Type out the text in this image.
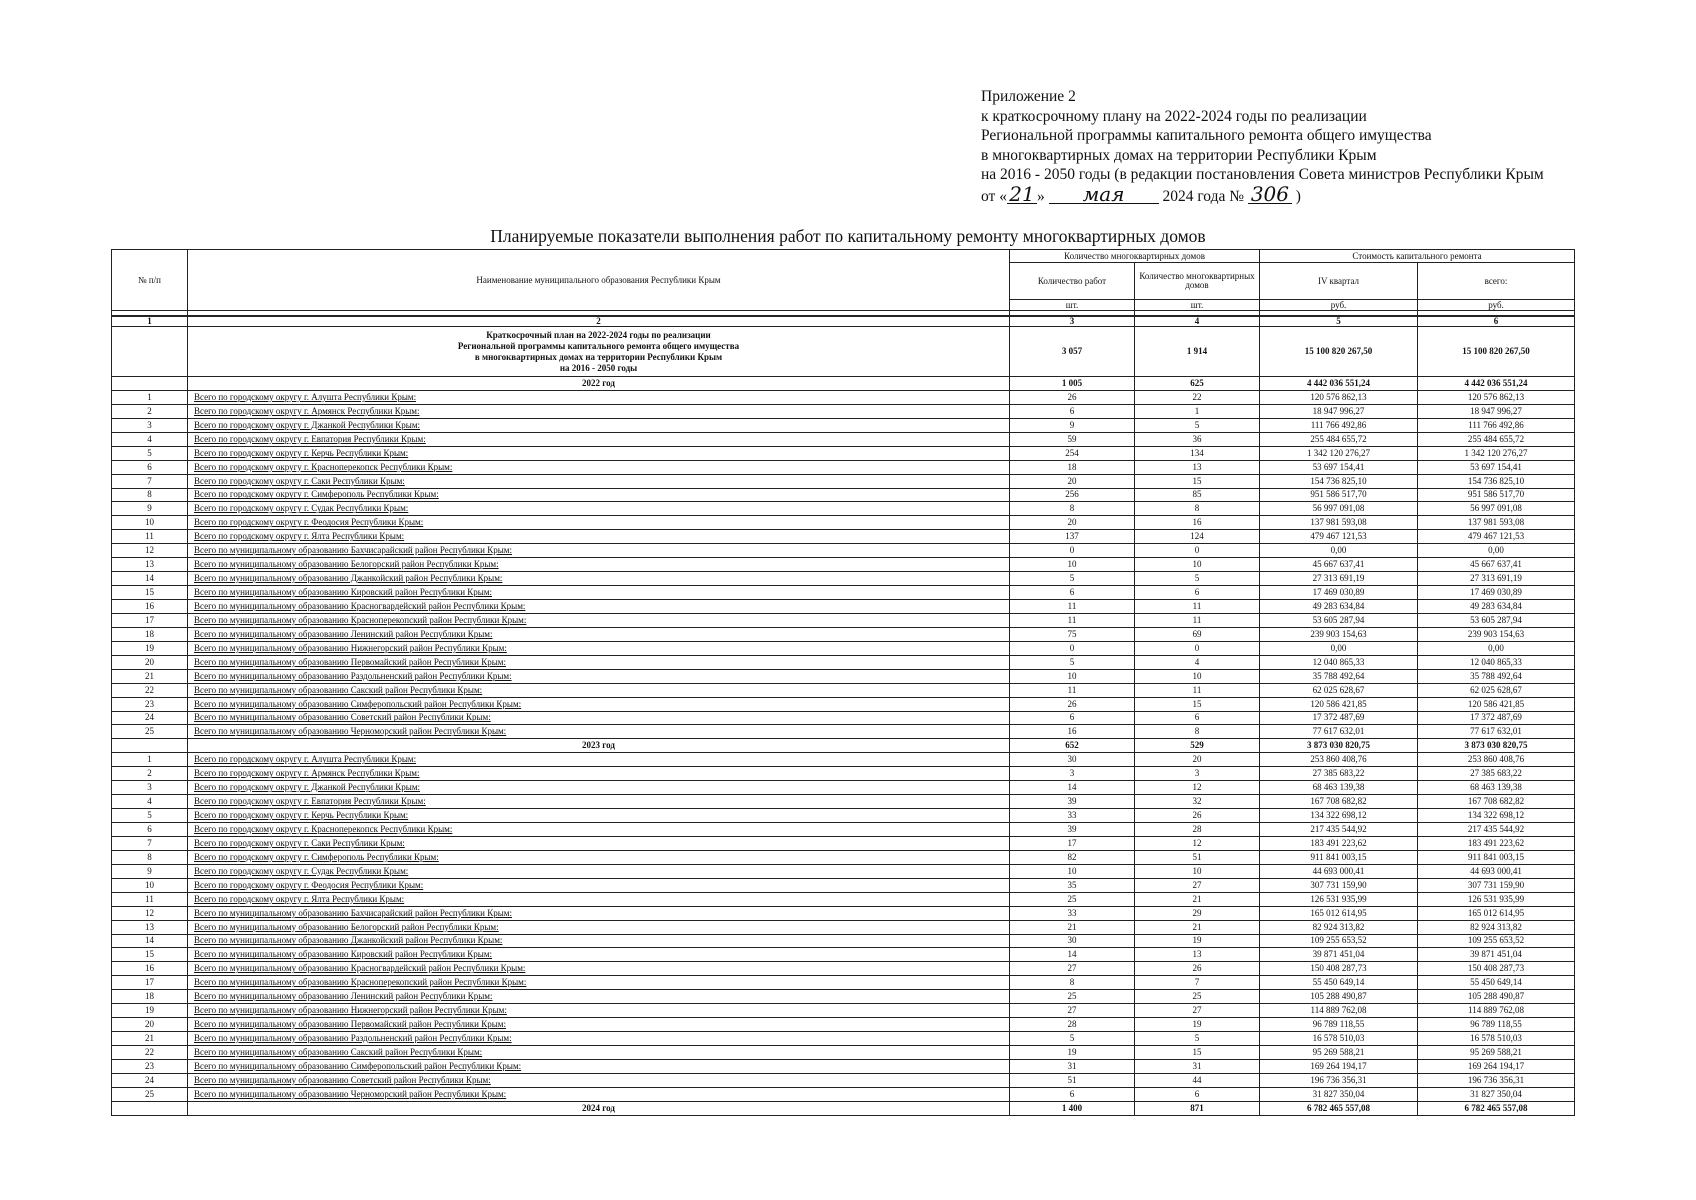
Приложение 2
к краткосрочному плану на 2022-2024 годы по реализации
Региональной программы капитального ремонта общего имущества
в многоквартирных домах на территории Республики Крым
на 2016 - 2050 годы (в редакции постановления Совета министров Республики Крым
от « 21 » мая 2024 года № 306 )
Планируемые показатели выполнения работ по капитальному ремонту многоквартирных домов
№ п/п	Наименование муниципального образования Республики Крым	Количество многоквартирных домов		Стоимость капитального ремонта	
		Количество работ	Количество многоквартирных домов	IV квартал	всего:
		шт.	шт.	руб.	руб.

1	2	3	4	5	6

	Краткосрочный план на 2022-2024 годы по реализации
Региональной программы капитального ремонта общего имущества
в многоквартирных домах на территории Республики Крым
на 2016 - 2050 годы	3 057	1 914	15 100 820 267,50	15 100 820 267,50
	2022 год	1 005	625	4 442 036 551,24	4 442 036 551,24
1	Всего по городскому округу г. Алушта Республики Крым:	26	22	120 576 862,13	120 576 862,13
2	Всего по городскому округу г. Армянск Республики Крым:	6	1	18 947 996,27	18 947 996,27
3	Всего по городскому округу г. Джанкой Республики Крым:	9	5	111 766 492,86	111 766 492,86
4	Всего по городскому округу г. Евпатория Республики Крым:	59	36	255 484 655,72	255 484 655,72
5	Всего по городскому округу г. Керчь Республики Крым:	254	134	1 342 120 276,27	1 342 120 276,27
6	Всего по городскому округу г. Красноперекопск Республики Крым:	18	13	53 697 154,41	53 697 154,41
7	Всего по городскому округу г. Саки Республики Крым:	20	15	154 736 825,10	154 736 825,10
8	Всего по городскому округу г. Симферополь Республики Крым:	256	85	951 586 517,70	951 586 517,70
9	Всего по городскому округу г. Судак Республики Крым:	8	8	56 997 091,08	56 997 091,08
10	Всего по городскому округу г. Феодосия Республики Крым:	20	16	137 981 593,08	137 981 593,08
11	Всего по городскому округу г. Ялта Республики Крым:	137	124	479 467 121,53	479 467 121,53
12	Всего по муниципальному образованию Бахчисарайский район Республики Крым:	0	0	0,00	0,00
13	Всего по муниципальному образованию Белогорский район Республики Крым:	10	10	45 667 637,41	45 667 637,41
14	Всего по муниципальному образованию Джанкойский район Республики Крым:	5	5	27 313 691,19	27 313 691,19
15	Всего по муниципальному образованию Кировский район Республики Крым:	6	6	17 469 030,89	17 469 030,89
16	Всего по муниципальному образованию Красногвардейский район Республики Крым:	11	11	49 283 634,84	49 283 634,84
17	Всего по муниципальному образованию Красноперекопский район Республики Крым:	11	11	53 605 287,94	53 605 287,94
18	Всего по муниципальному образованию Ленинский район Республики Крым:	75	69	239 903 154,63	239 903 154,63
19	Всего по муниципальному образованию Нижнегорский район Республики Крым:	0	0	0,00	0,00
20	Всего по муниципальному образованию Первомайский район Республики Крым:	5	4	12 040 865,33	12 040 865,33
21	Всего по муниципальному образованию Раздольненский район Республики Крым:	10	10	35 788 492,64	35 788 492,64
22	Всего по муниципальному образованию Сакский район Республики Крым:	11	11	62 025 628,67	62 025 628,67
23	Всего по муниципальному образованию Симферопольский район Республики Крым:	26	15	120 586 421,85	120 586 421,85
24	Всего по муниципальному образованию Советский район Республики Крым:	6	6	17 372 487,69	17 372 487,69
25	Всего по муниципальному образованию Черноморский район Республики Крым:	16	8	77 617 632,01	77 617 632,01
	2023 год	652	529	3 873 030 820,75	3 873 030 820,75
1	Всего по городскому округу г. Алушта Республики Крым:	30	20	253 860 408,76	253 860 408,76
2	Всего по городскому округу г. Армянск Республики Крым:	3	3	27 385 683,22	27 385 683,22
3	Всего по городскому округу г. Джанкой Республики Крым:	14	12	68 463 139,38	68 463 139,38
4	Всего по городскому округу г. Евпатория Республики Крым:	39	32	167 708 682,82	167 708 682,82
5	Всего по городскому округу г. Керчь Республики Крым:	33	26	134 322 698,12	134 322 698,12
6	Всего по городскому округу г. Красноперекопск Республики Крым:	39	28	217 435 544,92	217 435 544,92
7	Всего по городскому округу г. Саки Республики Крым:	17	12	183 491 223,62	183 491 223,62
8	Всего по городскому округу г. Симферополь Республики Крым:	82	51	911 841 003,15	911 841 003,15
9	Всего по городскому округу г. Судак Республики Крым:	10	10	44 693 000,41	44 693 000,41
10	Всего по городскому округу г. Феодосия Республики Крым:	35	27	307 731 159,90	307 731 159,90
11	Всего по городскому округу г. Ялта Республики Крым:	25	21	126 531 935,99	126 531 935,99
12	Всего по муниципальному образованию Бахчисарайский район Республики Крым:	33	29	165 012 614,95	165 012 614,95
13	Всего по муниципальному образованию Белогорский район Республики Крым:	21	21	82 924 313,82	82 924 313,82
14	Всего по муниципальному образованию Джанкойский район Республики Крым:	30	19	109 255 653,52	109 255 653,52
15	Всего по муниципальному образованию Кировский район Республики Крым:	14	13	39 871 451,04	39 871 451,04
16	Всего по муниципальному образованию Красногвардейский район Республики Крым:	27	26	150 408 287,73	150 408 287,73
17	Всего по муниципальному образованию Красноперекопский район Республики Крым:	8	7	55 450 649,14	55 450 649,14
18	Всего по муниципальному образованию Ленинский район Республики Крым:	25	25	105 288 490,87	105 288 490,87
19	Всего по муниципальному образованию Нижнегорский район Республики Крым:	27	27	114 889 762,08	114 889 762,08
20	Всего по муниципальному образованию Первомайский район Республики Крым:	28	19	96 789 118,55	96 789 118,55
21	Всего по муниципальному образованию Раздольненский район Республики Крым:	5	5	16 578 510,03	16 578 510,03
22	Всего по муниципальному образованию Сакский район Республики Крым:	19	15	95 269 588,21	95 269 588,21
23	Всего по муниципальному образованию Симферопольский район Республики Крым:	31	31	169 264 194,17	169 264 194,17
24	Всего по муниципальному образованию Советский район Республики Крым:	51	44	196 736 356,31	196 736 356,31
25	Всего по муниципальному образованию Черноморский район Республики Крым:	6	6	31 827 350,04	31 827 350,04
	2024 год	1 400	871	6 782 465 557,08	6 782 465 557,08
